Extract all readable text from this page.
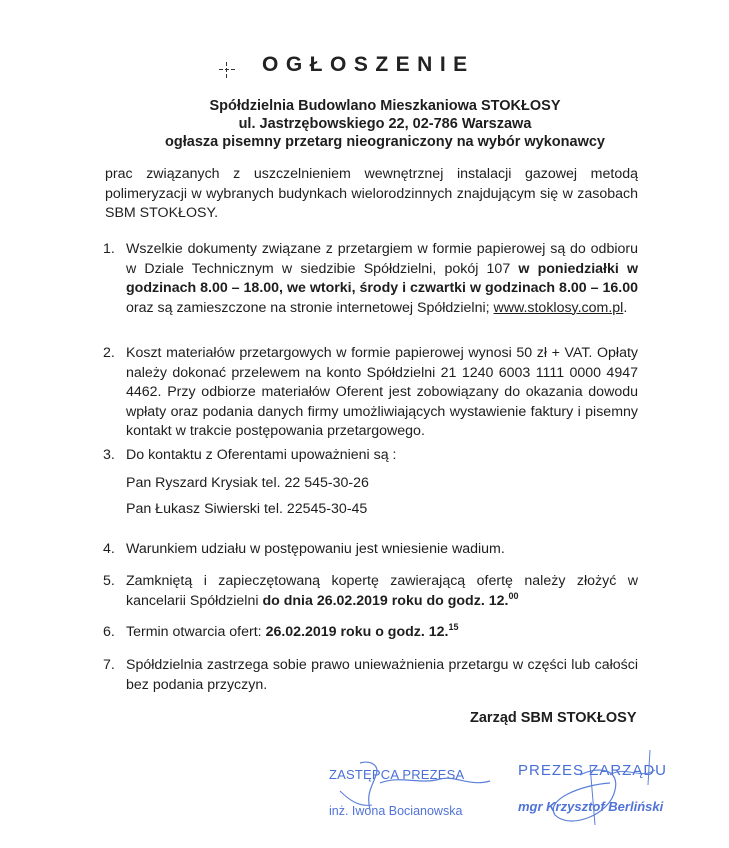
OGŁOSZENIE
Spółdzielnia Budowlano Mieszkaniowa STOKŁOSY
ul. Jastrzębowskiego 22, 02-786 Warszawa
ogłasza pisemny przetarg nieograniczony na wybór wykonawcy
prac związanych z uszczelnieniem wewnętrznej instalacji gazowej metodą polimeryzacji w wybranych budynkach wielorodzinnych znajdującym się w zasobach SBM STOKŁOSY.
1. Wszelkie dokumenty związane z przetargiem w formie papierowej są do odbioru w Dziale Technicznym w siedzibie Spółdzielni, pokój 107 w poniedziałki w godzinach 8.00 – 18.00, we wtorki, środy i czwartki w godzinach 8.00 – 16.00 oraz są zamieszczone na stronie internetowej Spółdzielni; www.stoklosy.com.pl.
2. Koszt materiałów przetargowych w formie papierowej wynosi 50 zł + VAT. Opłaty należy dokonać przelewem na konto Spółdzielni 21 1240 6003 1111 0000 4947 4462. Przy odbiorze materiałów Oferent jest zobowiązany do okazania dowodu wpłaty oraz podania danych firmy umożliwiających wystawienie faktury i pisemny kontakt w trakcie postępowania przetargowego.
3. Do kontaktu z Oferentami upoważnieni są :
Pan Ryszard Krysiak tel. 22 545-30-26
Pan Łukasz Siwierski tel. 22545-30-45
4. Warunkiem udziału w postępowaniu jest wniesienie wadium.
5. Zamkniętą i zapieczętowaną kopertę zawierającą ofertę należy złożyć w kancelarii Spółdzielni do dnia 26.02.2019 roku do godz. 12.00
6. Termin otwarcia ofert: 26.02.2019 roku o godz. 12.15
7. Spółdzielnia zastrzega sobie prawo unieważnienia przetargu w części lub całości bez podania przyczyn.
Zarząd SBM STOKŁOSY
ZASTĘPCA PREZESA
inż. Iwona Bocianowska
PREZES ZARZĄDU
mgr Krzysztof Berliński
